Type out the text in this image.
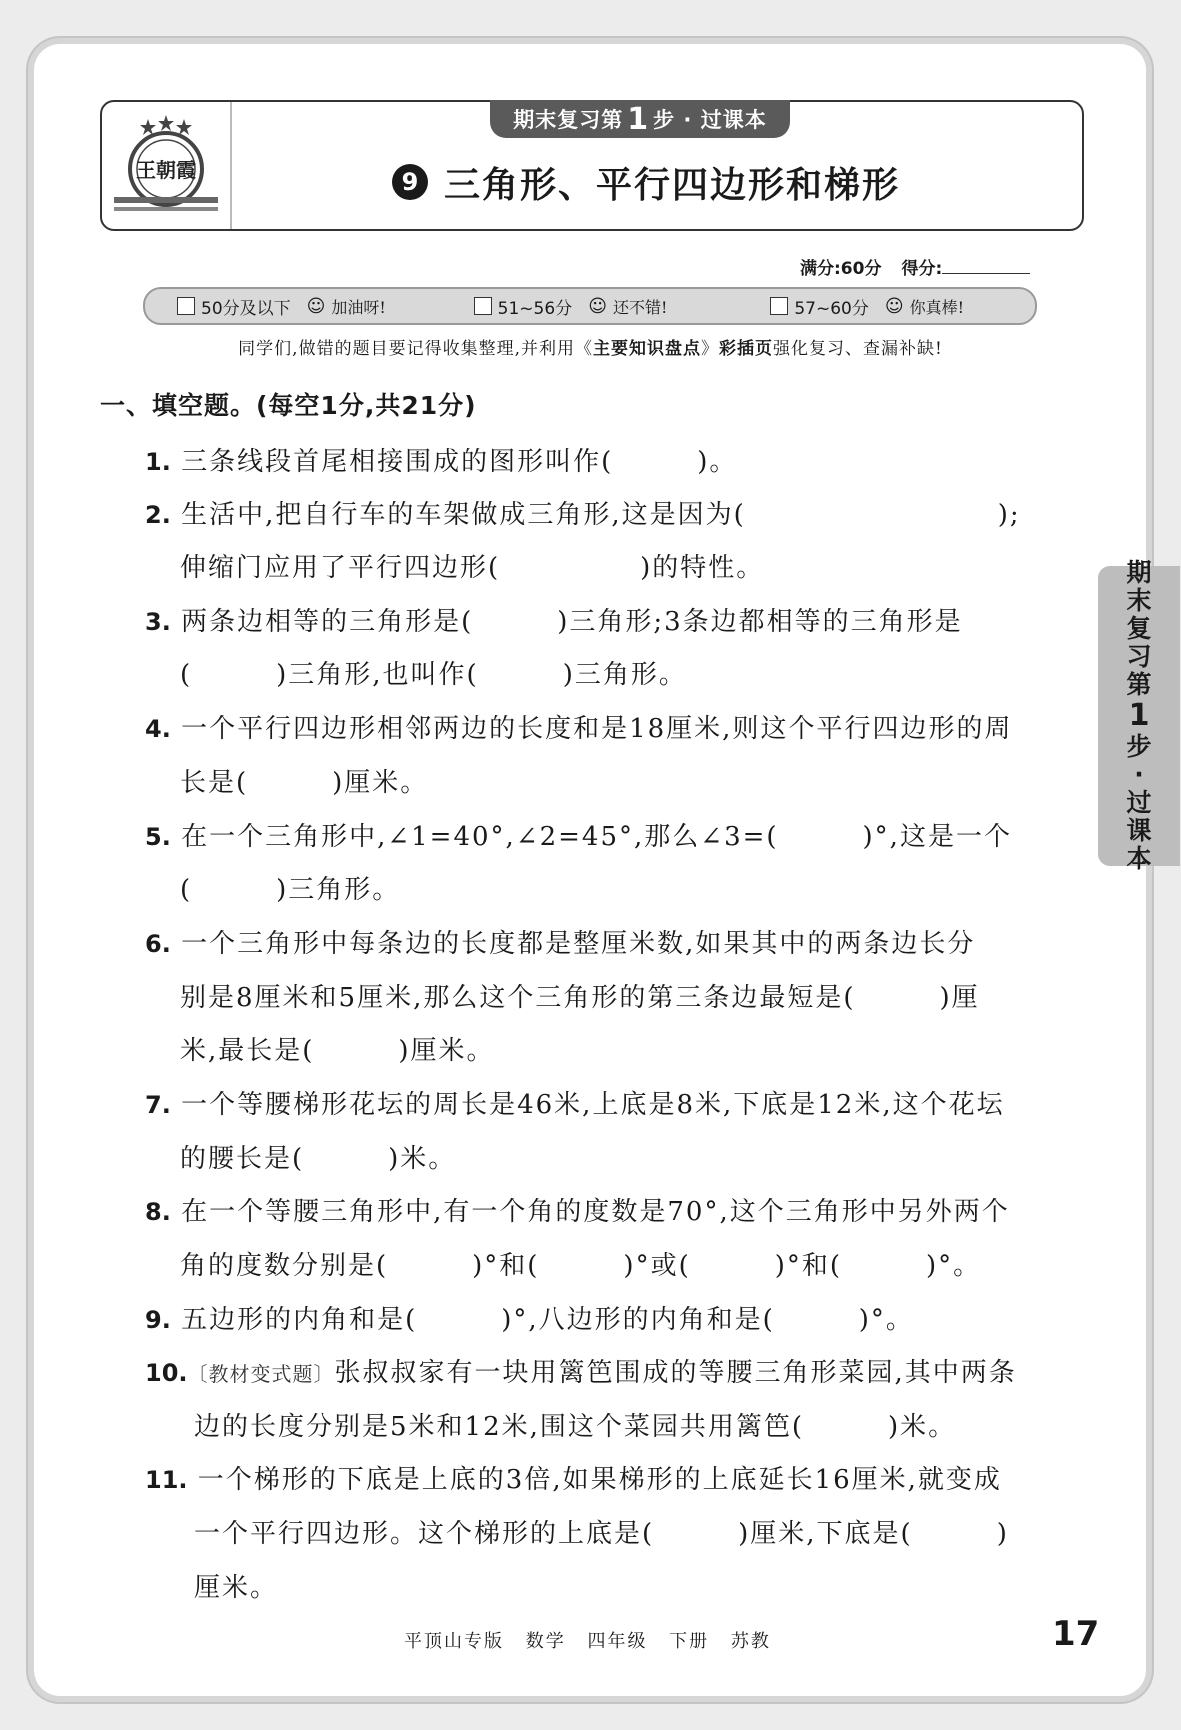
王朝霞
期末复习第 1 步 · 过课本
9 三角形、平行四边形和梯形
满分:60分 得分:
50分及以下 ☺ 加油呀!	51~56分 ☺ 还不错!	57~60分 ☺ 你真棒!
同学们,做错的题目要记得收集整理,并利用《主要知识盘点》彩插页强化复习、查漏补缺!
一、填空题。(每空1分,共21分)
1. 三条线段首尾相接围成的图形叫作(　　　)。
2. 生活中,把自行车的车架做成三角形,这是因为(　　　　　　　　　);
伸缩门应用了平行四边形(　　　　　)的特性。
3. 两条边相等的三角形是(　　　)三角形;3条边都相等的三角形是
(　　　)三角形,也叫作(　　　)三角形。
4. 一个平行四边形相邻两边的长度和是18厘米,则这个平行四边形的周
长是(　　　)厘米。
5. 在一个三角形中,∠1=40°,∠2=45°,那么∠3=(　　　)°,这是一个
(　　　)三角形。
6. 一个三角形中每条边的长度都是整厘米数,如果其中的两条边长分
别是8厘米和5厘米,那么这个三角形的第三条边最短是(　　　)厘
米,最长是(　　　)厘米。
7. 一个等腰梯形花坛的周长是46米,上底是8米,下底是12米,这个花坛
的腰长是(　　　)米。
8. 在一个等腰三角形中,有一个角的度数是70°,这个三角形中另外两个
角的度数分别是(　　　)°和(　　　)°或(　　　)°和(　　　)°。
9. 五边形的内角和是(　　　)°,八边形的内角和是(　　　)°。
10.〔教材变式题〕张叔叔家有一块用篱笆围成的等腰三角形菜园,其中两条
边的长度分别是5米和12米,围这个菜园共用篱笆(　　　)米。
11. 一个梯形的下底是上底的3倍,如果梯形的上底延长16厘米,就变成
一个平行四边形。这个梯形的上底是(　　　)厘米,下底是(　　　)
厘米。
期
末
复
习
第
1
步
·
过
课
本
平顶山专版 数学 四年级 下册 苏教	17
